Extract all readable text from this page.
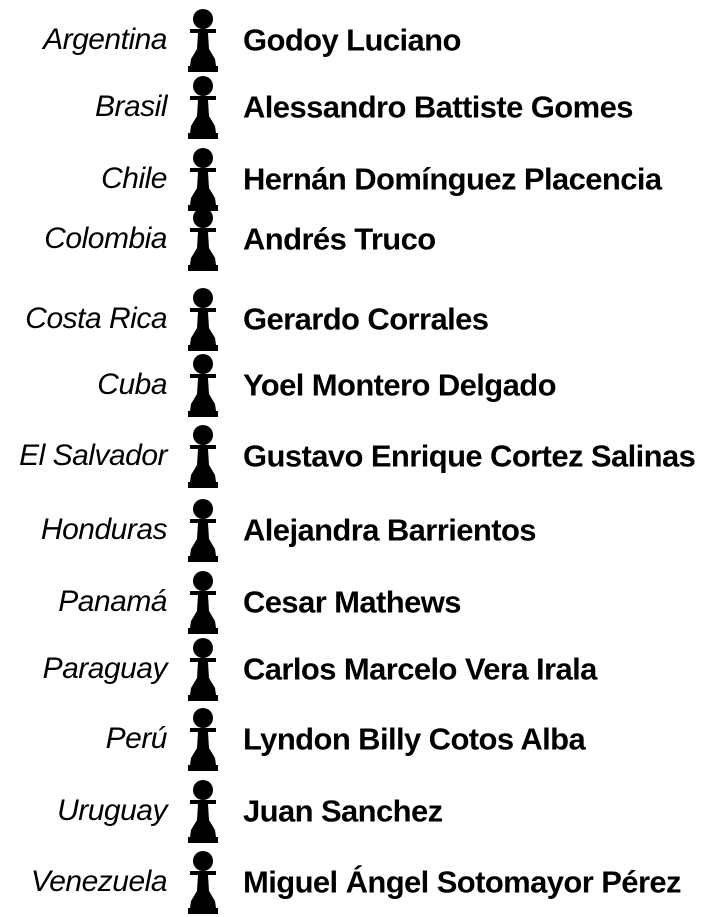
Argentina Godoy Luciano
Brasil Alessandro Battiste Gomes
Chile Hernán Domínguez Placencia
Colombia Andrés Truco
Costa Rica Gerardo Corrales
Cuba Yoel Montero Delgado
El Salvador Gustavo Enrique Cortez Salinas
Honduras Alejandra Barrientos
Panamá Cesar Mathews
Paraguay Carlos Marcelo Vera Irala
Perú Lyndon Billy Cotos Alba
Uruguay Juan Sanchez
Venezuela Miguel Ángel Sotomayor Pérez
